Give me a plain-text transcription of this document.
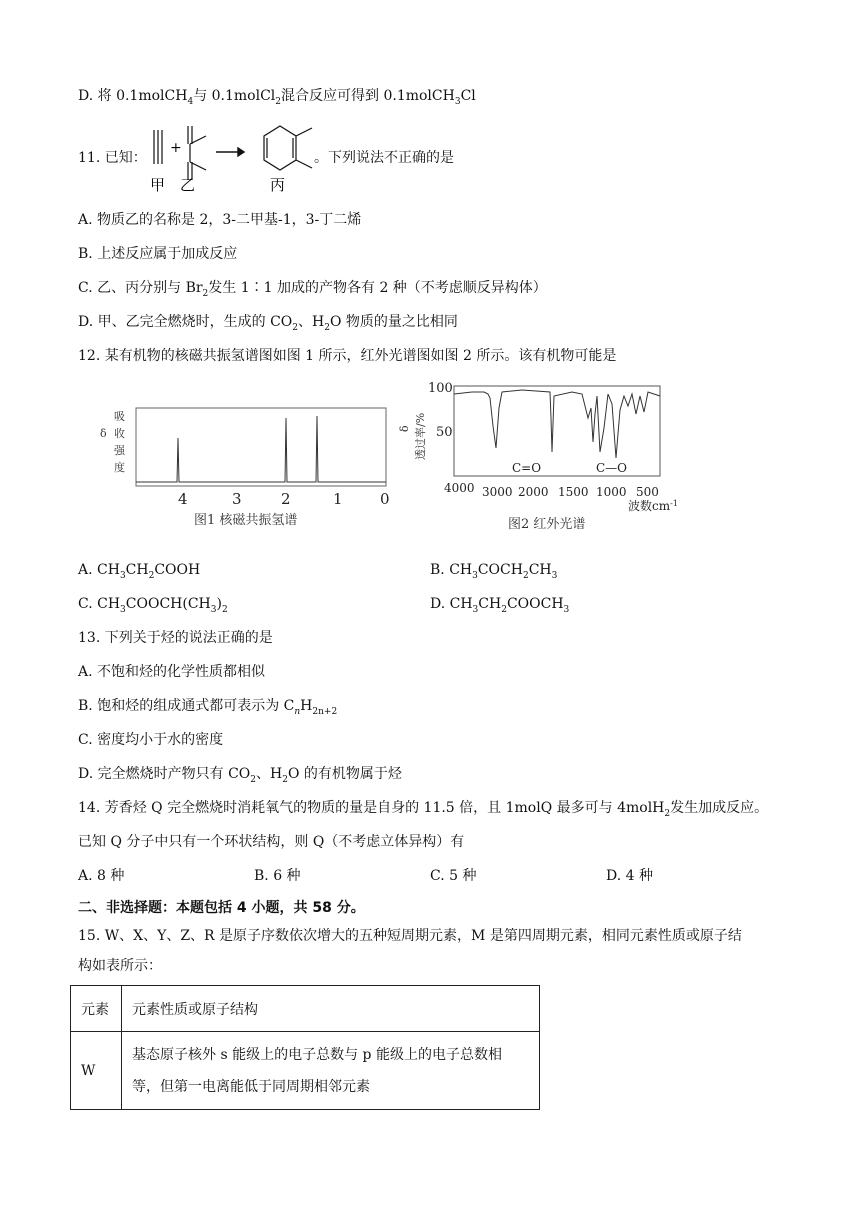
D. 将 0.1molCH$_4$与 0.1molCl$_2$混合反应可得到 0.1molCH$_3$Cl
11. 已知：
+
甲 乙	丙
。下列说法不正确的是
A. 物质乙的名称是 2，3-二甲基-1，3-丁二烯
B. 上述反应属于加成反应
C. 乙、丙分别与 $Br_2$发生 1∶1 加成的产物各有 2 种（不考虑顺反异构体）
D. 甲、乙完全燃烧时，生成的 $CO_2$、$H_2O$ 物质的量之比相同
12. 某有机物的核磁共振氢谱图如图 1 所示，红外光谱图如图 2 所示。该有机物可能是
吸
收
强
度
δ
4	3	2	1 0
图1 核磁共振氢谱
100
50
δ 透过率/%
C=O	C—O
4000 3000 2000 1500 1000 500
波数$cm^{-1}$
图2 红外光谱
A. $CH_3CH_2COOH$	B. $CH_3COCH_2CH_3$
C. $CH_3COOCH(CH_3)_2$	D. $CH_3CH_2COOCH_3$
13. 下列关于烃的说法正确的是
A. 不饱和烃的化学性质都相似
B. 饱和烃的组成通式都可表示为 $C_nH_{2n+2}$
C. 密度均小于水的密度
D. 完全燃烧时产物只有 $CO_2$、$H_2O$ 的有机物属于烃
14. 芳香烃 Q 完全燃烧时消耗氧气的物质的量是自身的 11.5 倍，且 1molQ 最多可与 4molH$_2$发生加成反应。
已知 Q 分子中只有一个环状结构，则 Q（不考虑立体异构）有
A. 8 种	B. 6 种	C. 5 种	D. 4 种
二、非选择题：本题包括 4 小题，共 58 分。
15. W、X、Y、Z、R 是原子序数依次增大的五种短周期元素，M 是第四周期元素，相同元素性质或原子结
构如表所示：
元素	元素性质或原子结构
W	基态原子核外 s 能级上的电子总数与 p 能级上的电子总数相
等，但第一电离能低于同周期相邻元素
